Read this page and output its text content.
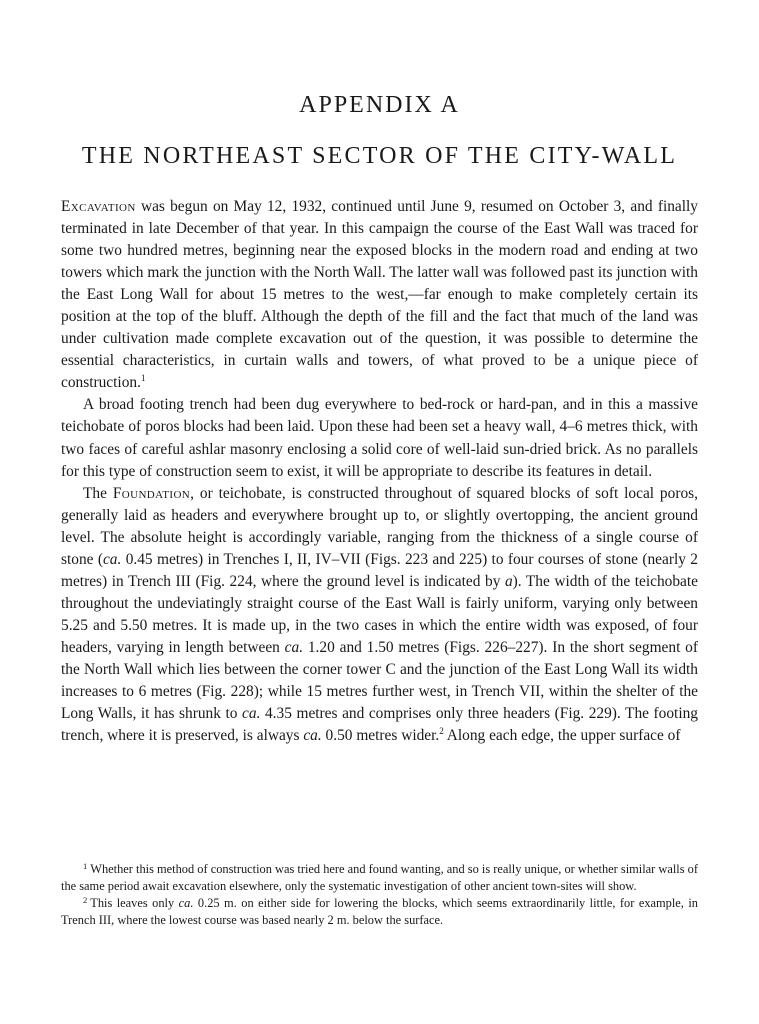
APPENDIX A
THE NORTHEAST SECTOR OF THE CITY-WALL

Excavation was begun on May 12, 1932, continued until June 9, resumed on October 3, and finally terminated in late December of that year. In this campaign the course of the East Wall was traced for some two hundred metres, beginning near the exposed blocks in the modern road and ending at two towers which mark the junction with the North Wall. The latter wall was followed past its junction with the East Long Wall for about 15 metres to the west,—far enough to make completely certain its position at the top of the bluff. Although the depth of the fill and the fact that much of the land was under cultivation made complete excavation out of the question, it was possible to determine the essential characteristics, in curtain walls and towers, of what proved to be a unique piece of construction.$^1$

A broad footing trench had been dug everywhere to bed-rock or hard-pan, and in this a massive teichobate of poros blocks had been laid. Upon these had been set a heavy wall, 4–6 metres thick, with two faces of careful ashlar masonry enclosing a solid core of well-laid sun-dried brick. As no parallels for this type of construction seem to exist, it will be appropriate to describe its features in detail.

The Foundation, or teichobate, is constructed throughout of squared blocks of soft local poros, generally laid as headers and everywhere brought up to, or slightly overtopping, the ancient ground level. The absolute height is accordingly variable, ranging from the thickness of a single course of stone (ca. 0.45 metres) in Trenches I, II, IV–VII (Figs. 223 and 225) to four courses of stone (nearly 2 metres) in Trench III (Fig. 224, where the ground level is indicated by a). The width of the teichobate throughout the undeviatingly straight course of the East Wall is fairly uniform, varying only between 5.25 and 5.50 metres. It is made up, in the two cases in which the entire width was exposed, of four headers, varying in length between ca. 1.20 and 1.50 metres (Figs. 226–227). In the short segment of the North Wall which lies between the corner tower C and the junction of the East Long Wall its width increases to 6 metres (Fig. 228); while 15 metres further west, in Trench VII, within the shelter of the Long Walls, it has shrunk to ca. 4.35 metres and comprises only three headers (Fig. 229). The footing trench, where it is preserved, is always ca. 0.50 metres wider.$^2$ Along each edge, the upper surface of

$^1$ Whether this method of construction was tried here and found wanting, and so is really unique, or whether similar walls of the same period await excavation elsewhere, only the systematic investigation of other ancient town-sites will show.

$^2$ This leaves only ca. 0.25 m. on either side for lowering the blocks, which seems extraordinarily little, for example, in Trench III, where the lowest course was based nearly 2 m. below the surface.
